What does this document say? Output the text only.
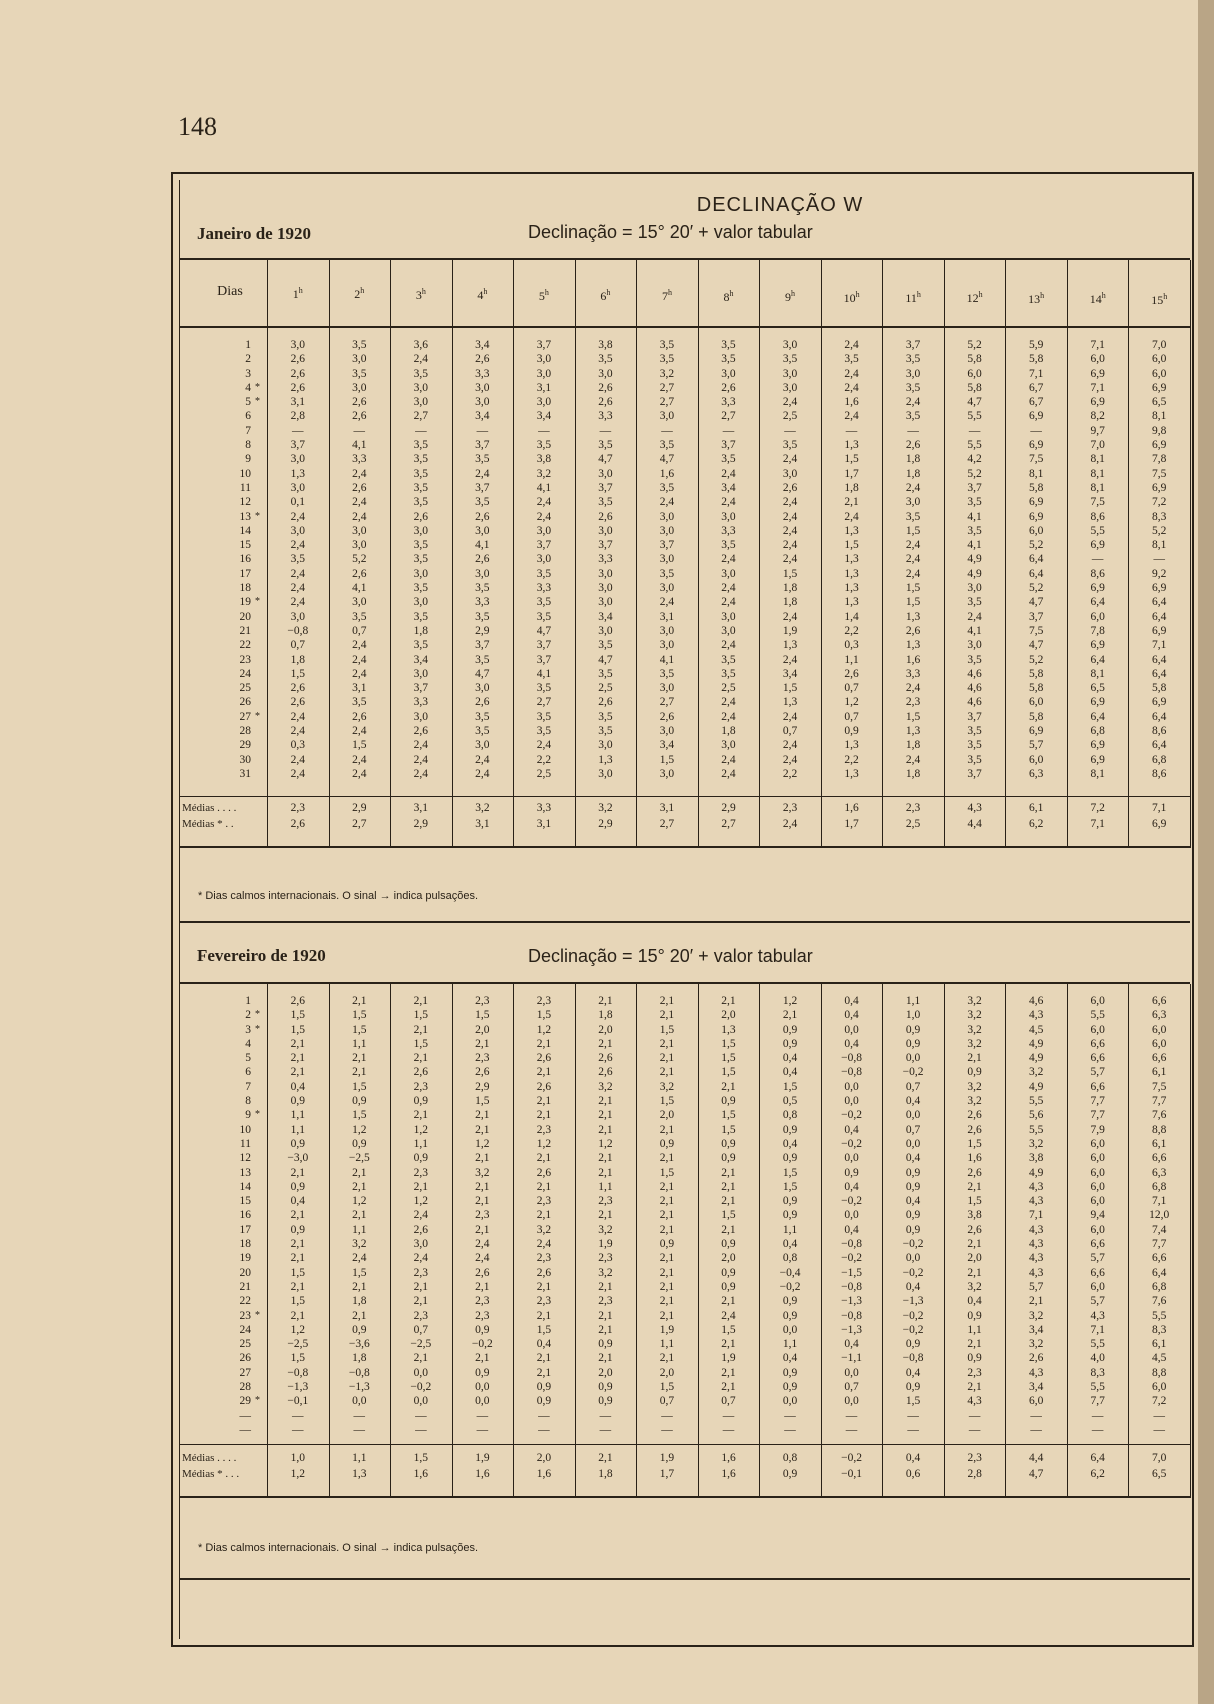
148
DECLINAÇÃO W
Janeiro de 1920	Declinação = 15° 20′ + valor tabular
Dias	1$^h$	2$^h$	3$^h$	4$^h$	5$^h$	6$^h$	7$^h$	8$^h$	9$^h$	10$^h$	11$^h$	12$^h$	13$^h$	14$^h$	15$^h$
1		3,0	3,5	3,6	3,4	3,7	3,8	3,5	3,5	3,0	2,4	3,7	5,2	5,9	7,1	7,0
2		2,6	3,0	2,4	2,6	3,0	3,5	3,5	3,5	3,5	3,5	3,5	5,8	5,8	6,0	6,0
3		2,6	3,5	3,5	3,3	3,0	3,0	3,2	3,0	3,0	2,4	3,0	6,0	7,1	6,9	6,0
4	*	2,6	3,0	3,0	3,0	3,1	2,6	2,7	2,6	3,0	2,4	3,5	5,8	6,7	7,1	6,9
5	*	3,1	2,6	3,0	3,0	3,0	2,6	2,7	3,3	2,4	1,6	2,4	4,7	6,7	6,9	6,5
6		2,8	2,6	2,7	3,4	3,4	3,3	3,0	2,7	2,5	2,4	3,5	5,5	6,9	8,2	8,1
7		—	—	—	—	—	—	—	—	—	—	—	—	—	9,7	9,8
8		3,7	4,1	3,5	3,7	3,5	3,5	3,5	3,7	3,5	1,3	2,6	5,5	6,9	7,0	6,9
9		3,0	3,3	3,5	3,5	3,8	4,7	4,7	3,5	2,4	1,5	1,8	4,2	7,5	8,1	7,8
10		1,3	2,4	3,5	2,4	3,2	3,0	1,6	2,4	3,0	1,7	1,8	5,2	8,1	8,1	7,5
11		3,0	2,6	3,5	3,7	4,1	3,7	3,5	3,4	2,6	1,8	2,4	3,7	5,8	8,1	6,9
12		0,1	2,4	3,5	3,5	2,4	3,5	2,4	2,4	2,4	2,1	3,0	3,5	6,9	7,5	7,2
13	*	2,4	2,4	2,6	2,6	2,4	2,6	3,0	3,0	2,4	2,4	3,5	4,1	6,9	8,6	8,3
14		3,0	3,0	3,0	3,0	3,0	3,0	3,0	3,3	2,4	1,3	1,5	3,5	6,0	5,5	5,2
15		2,4	3,0	3,5	4,1	3,7	3,7	3,7	3,5	2,4	1,5	2,4	4,1	5,2	6,9	8,1
16		3,5	5,2	3,5	2,6	3,0	3,3	3,0	2,4	2,4	1,3	2,4	4,9	6,4	—	—
17		2,4	2,6	3,0	3,0	3,5	3,0	3,5	3,0	1,5	1,3	2,4	4,9	6,4	8,6	9,2
18		2,4	4,1	3,5	3,5	3,3	3,0	3,0	2,4	1,8	1,3	1,5	3,0	5,2	6,9	6,9
19	*	2,4	3,0	3,0	3,3	3,5	3,0	2,4	2,4	1,8	1,3	1,5	3,5	4,7	6,4	6,4
20		3,0	3,5	3,5	3,5	3,5	3,4	3,1	3,0	2,4	1,4	1,3	2,4	3,7	6,0	6,4
21		−0,8	0,7	1,8	2,9	4,7	3,0	3,0	3,0	1,9	2,2	2,6	4,1	7,5	7,8	6,9
22		0,7	2,4	3,5	3,7	3,7	3,5	3,0	2,4	1,3	0,3	1,3	3,0	4,7	6,9	7,1
23		1,8	2,4	3,4	3,5	3,7	4,7	4,1	3,5	2,4	1,1	1,6	3,5	5,2	6,4	6,4
24		1,5	2,4	3,0	4,7	4,1	3,5	3,5	3,5	3,4	2,6	3,3	4,6	5,8	8,1	6,4
25		2,6	3,1	3,7	3,0	3,5	2,5	3,0	2,5	1,5	0,7	2,4	4,6	5,8	6,5	5,8
26		2,6	3,5	3,3	2,6	2,7	2,6	2,7	2,4	1,3	1,2	2,3	4,6	6,0	6,9	6,9
27	*	2,4	2,6	3,0	3,5	3,5	3,5	2,6	2,4	2,4	0,7	1,5	3,7	5,8	6,4	6,4
28		2,4	2,4	2,6	3,5	3,5	3,5	3,0	1,8	0,7	0,9	1,3	3,5	6,9	6,8	8,6
29		0,3	1,5	2,4	3,0	2,4	3,0	3,4	3,0	2,4	1,3	1,8	3,5	5,7	6,9	6,4
30		2,4	2,4	2,4	2,4	2,2	1,3	1,5	2,4	2,4	2,2	2,4	3,5	6,0	6,9	6,8
31		2,4	2,4	2,4	2,4	2,5	3,0	3,0	2,4	2,2	1,3	1,8	3,7	6,3	8,1	8,6
Médias . . . .	2,3	2,9	3,1	3,2	3,3	3,2	3,1	2,9	2,3	1,6	2,3	4,3	6,1	7,2	7,1
Médias * . .	2,6	2,7	2,9	3,1	3,1	2,9	2,7	2,7	2,4	1,7	2,5	4,4	6,2	7,1	6,9
* Dias calmos internacionais. O sinal → indica pulsações.
Fevereiro de 1920	Declinação = 15° 20′ + valor tabular
1		2,6	2,1	2,1	2,3	2,3	2,1	2,1	2,1	1,2	0,4	1,1	3,2	4,6	6,0	6,6
2	*	1,5	1,5	1,5	1,5	1,5	1,8	2,1	2,0	2,1	0,4	1,0	3,2	4,3	5,5	6,3
3	*	1,5	1,5	2,1	2,0	1,2	2,0	1,5	1,3	0,9	0,0	0,9	3,2	4,5	6,0	6,0
4		2,1	1,1	1,5	2,1	2,1	2,1	2,1	1,5	0,9	0,4	0,9	3,2	4,9	6,6	6,0
5		2,1	2,1	2,1	2,3	2,6	2,6	2,1	1,5	0,4	−0,8	0,0	2,1	4,9	6,6	6,6
6		2,1	2,1	2,6	2,6	2,1	2,6	2,1	1,5	0,4	−0,8	−0,2	0,9	3,2	5,7	6,1
7		0,4	1,5	2,3	2,9	2,6	3,2	3,2	2,1	1,5	0,0	0,7	3,2	4,9	6,6	7,5
8		0,9	0,9	0,9	1,5	2,1	2,1	1,5	0,9	0,5	0,0	0,4	3,2	5,5	7,7	7,7
9	*	1,1	1,5	2,1	2,1	2,1	2,1	2,0	1,5	0,8	−0,2	0,0	2,6	5,6	7,7	7,6
10		1,1	1,2	1,2	2,1	2,3	2,1	2,1	1,5	0,9	0,4	0,7	2,6	5,5	7,9	8,8
11		0,9	0,9	1,1	1,2	1,2	1,2	0,9	0,9	0,4	−0,2	0,0	1,5	3,2	6,0	6,1
12		−3,0	−2,5	0,9	2,1	2,1	2,1	2,1	0,9	0,9	0,0	0,4	1,6	3,8	6,0	6,6
13		2,1	2,1	2,3	3,2	2,6	2,1	1,5	2,1	1,5	0,9	0,9	2,6	4,9	6,0	6,3
14		0,9	2,1	2,1	2,1	2,1	1,1	2,1	2,1	1,5	0,4	0,9	2,1	4,3	6,0	6,8
15		0,4	1,2	1,2	2,1	2,3	2,3	2,1	2,1	0,9	−0,2	0,4	1,5	4,3	6,0	7,1
16		2,1	2,1	2,4	2,3	2,1	2,1	2,1	1,5	0,9	0,0	0,9	3,8	7,1	9,4	12,0
17		0,9	1,1	2,6	2,1	3,2	3,2	2,1	2,1	1,1	0,4	0,9	2,6	4,3	6,0	7,4
18		2,1	3,2	3,0	2,4	2,4	1,9	0,9	0,9	0,4	−0,8	−0,2	2,1	4,3	6,6	7,7
19		2,1	2,4	2,4	2,4	2,3	2,3	2,1	2,0	0,8	−0,2	0,0	2,0	4,3	5,7	6,6
20		1,5	1,5	2,3	2,6	2,6	3,2	2,1	0,9	−0,4	−1,5	−0,2	2,1	4,3	6,6	6,4
21		2,1	2,1	2,1	2,1	2,1	2,1	2,1	0,9	−0,2	−0,8	0,4	3,2	5,7	6,0	6,8
22		1,5	1,8	2,1	2,3	2,3	2,3	2,1	2,1	0,9	−1,3	−1,3	0,4	2,1	5,7	7,6
23	*	2,1	2,1	2,3	2,3	2,1	2,1	2,1	2,4	0,9	−0,8	−0,2	0,9	3,2	4,3	5,5
24		1,2	0,9	0,7	0,9	1,5	2,1	1,9	1,5	0,0	−1,3	−0,2	1,1	3,4	7,1	8,3
25		−2,5	−3,6	−2,5	−0,2	0,4	0,9	1,1	2,1	1,1	0,4	0,9	2,1	3,2	5,5	6,1
26		1,5	1,8	2,1	2,1	2,1	2,1	2,1	1,9	0,4	−1,1	−0,8	0,9	2,6	4,0	4,5
27		−0,8	−0,8	0,0	0,9	2,1	2,0	2,0	2,1	0,9	0,0	0,4	2,3	4,3	8,3	8,8
28		−1,3	−1,3	−0,2	0,0	0,9	0,9	1,5	2,1	0,9	0,7	0,9	2,1	3,4	5,5	6,0
29	*	−0,1	0,0	0,0	0,0	0,9	0,9	0,7	0,7	0,0	0,0	1,5	4,3	6,0	7,7	7,2
—		—	—	—	—	—	—	—	—	—	—	—	—	—	—	—
—		—	—	—	—	—	—	—	—	—	—	—	—	—	—	—
Médias . . . .	1,0	1,1	1,5	1,9	2,0	2,1	1,9	1,6	0,8	−0,2	0,4	2,3	4,4	6,4	7,0
Médias * . . .	1,2	1,3	1,6	1,6	1,6	1,8	1,7	1,6	0,9	−0,1	0,6	2,8	4,7	6,2	6,5
* Dias calmos internacionais. O sinal → indica pulsações.
